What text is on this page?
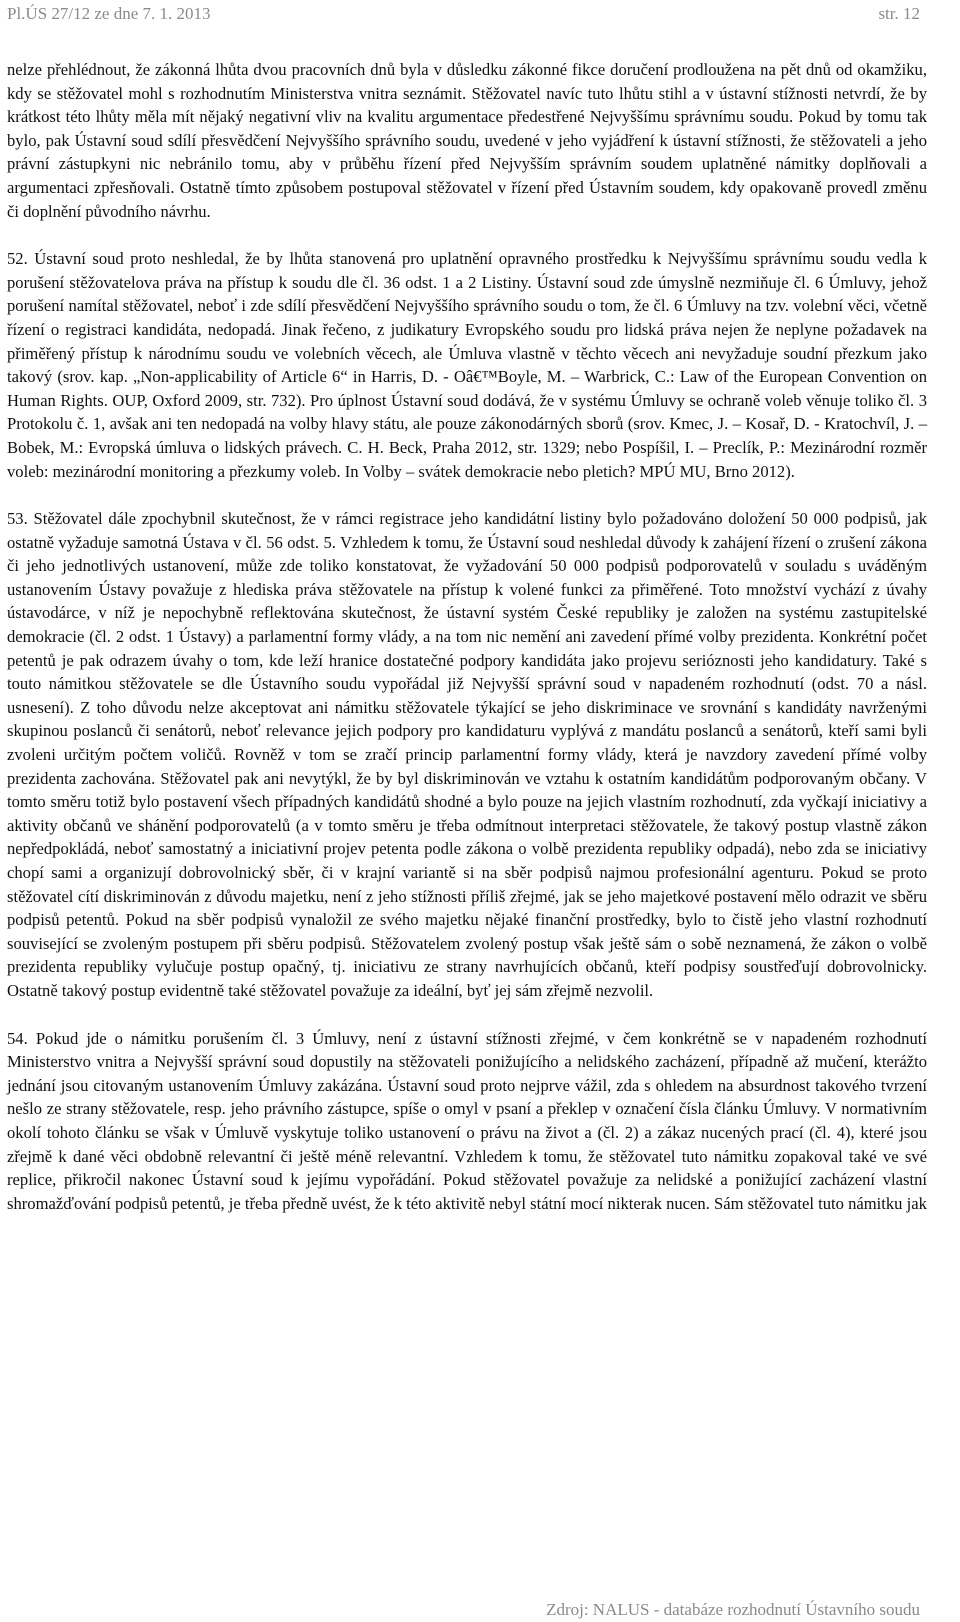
Pl.ÚS 27/12 ze dne 7. 1. 2013	str. 12

nelze přehlédnout, že zákonná lhůta dvou pracovních dnů byla v důsledku zákonné fikce doručení prodloužena na pět dnů od okamžiku, kdy se stěžovatel mohl s rozhodnutím Ministerstva vnitra seznámit. Stěžovatel navíc tuto lhůtu stihl a v ústavní stížnosti netvrdí, že by krátkost této lhůty měla mít nějaký negativní vliv na kvalitu argumentace předestřené Nejvyššímu správnímu soudu. Pokud by tomu tak bylo, pak Ústavní soud sdílí přesvědčení Nejvyššího správního soudu, uvedené v jeho vyjádření k ústavní stížnosti, že stěžovateli a jeho právní zástupkyni nic nebránilo tomu, aby v průběhu řízení před Nejvyšším správním soudem uplatněné námitky doplňovali a argumentaci zpřesňovali. Ostatně tímto způsobem postupoval stěžovatel v řízení před Ústavním soudem, kdy opakovaně provedl změnu či doplnění původního návrhu.

52. Ústavní soud proto neshledal, že by lhůta stanovená pro uplatnění opravného prostředku k Nejvyššímu správnímu soudu vedla k porušení stěžovatelova práva na přístup k soudu dle čl. 36 odst. 1 a 2 Listiny. Ústavní soud zde úmyslně nezmiňuje čl. 6 Úmluvy, jehož porušení namítal stěžovatel, neboť i zde sdílí přesvědčení Nejvyššího správního soudu o tom, že čl. 6 Úmluvy na tzv. volební věci, včetně řízení o registraci kandidáta, nedopadá. Jinak řečeno, z judikatury Evropského soudu pro lidská práva nejen že neplyne požadavek na přiměřený přístup k národnímu soudu ve volebních věcech, ale Úmluva vlastně v těchto věcech ani nevyžaduje soudní přezkum jako takový (srov. kap. „Non-applicability of Article 6“ in Harris, D. - Oâ€™Boyle, M. – Warbrick, C.: Law of the European Convention on Human Rights. OUP, Oxford 2009, str. 732). Pro úplnost Ústavní soud dodává, že v systému Úmluvy se ochraně voleb věnuje toliko čl. 3 Protokolu č. 1, avšak ani ten nedopadá na volby hlavy státu, ale pouze zákonodárných sborů (srov. Kmec, J. – Kosař, D. - Kratochvíl, J. – Bobek, M.: Evropská úmluva o lidských právech. C. H. Beck, Praha 2012, str. 1329; nebo Pospíšil, I. – Preclík, P.: Mezinárodní rozměr voleb: mezinárodní monitoring a přezkumy voleb. In Volby – svátek demokracie nebo pletich? MPÚ MU, Brno 2012).

53. Stěžovatel dále zpochybnil skutečnost, že v rámci registrace jeho kandidátní listiny bylo požadováno doložení 50 000 podpisů, jak ostatně vyžaduje samotná Ústava v čl. 56 odst. 5. Vzhledem k tomu, že Ústavní soud neshledal důvody k zahájení řízení o zrušení zákona či jeho jednotlivých ustanovení, může zde toliko konstatovat, že vyžadování 50 000 podpisů podporovatelů v souladu s uváděným ustanovením Ústavy považuje z hlediska práva stěžovatele na přístup k volené funkci za přiměřené. Toto množství vychází z úvahy ústavodárce, v níž je nepochybně reflektována skutečnost, že ústavní systém České republiky je založen na systému zastupitelské demokracie (čl. 2 odst. 1 Ústavy) a parlamentní formy vlády, a na tom nic nemění ani zavedení přímé volby prezidenta. Konkrétní počet petentů je pak odrazem úvahy o tom, kde leží hranice dostatečné podpory kandidáta jako projevu serióznosti jeho kandidatury. Také s touto námitkou stěžovatele se dle Ústavního soudu vypořádal již Nejvyšší správní soud v napadeném rozhodnutí (odst. 70 a násl. usnesení). Z toho důvodu nelze akceptovat ani námitku stěžovatele týkající se jeho diskriminace ve srovnání s kandidáty navrženými skupinou poslanců či senátorů, neboť relevance jejich podpory pro kandidaturu vyplývá z mandátu poslanců a senátorů, kteří sami byli zvoleni určitým počtem voličů. Rovněž v tom se zračí princip parlamentní formy vlády, která je navzdory zavedení přímé volby prezidenta zachována. Stěžovatel pak ani nevytýkl, že by byl diskriminován ve vztahu k ostatním kandidátům podporovaným občany. V tomto směru totiž bylo postavení všech případných kandidátů shodné a bylo pouze na jejich vlastním rozhodnutí, zda vyčkají iniciativy a aktivity občanů ve shánění podporovatelů (a v tomto směru je třeba odmítnout interpretaci stěžovatele, že takový postup vlastně zákon nepředpokládá, neboť samostatný a iniciativní projev petenta podle zákona o volbě prezidenta republiky odpadá), nebo zda se iniciativy chopí sami a organizují dobrovolnický sběr, či v krajní variantě si na sběr podpisů najmou profesionální agenturu. Pokud se proto stěžovatel cítí diskriminován z důvodu majetku, není z jeho stížnosti příliš zřejmé, jak se jeho majetkové postavení mělo odrazit ve sběru podpisů petentů. Pokud na sběr podpisů vynaložil ze svého majetku nějaké finanční prostředky, bylo to čistě jeho vlastní rozhodnutí související se zvoleným postupem při sběru podpisů. Stěžovatelem zvolený postup však ještě sám o sobě neznamená, že zákon o volbě prezidenta republiky vylučuje postup opačný, tj. iniciativu ze strany navrhujících občanů, kteří podpisy soustřeďují dobrovolnicky. Ostatně takový postup evidentně také stěžovatel považuje za ideální, byť jej sám zřejmě nezvolil.

54. Pokud jde o námitku porušením čl. 3 Úmluvy, není z ústavní stížnosti zřejmé, v čem konkrétně se v napadeném rozhodnutí Ministerstvo vnitra a Nejvyšší správní soud dopustily na stěžovateli ponižujícího a nelidského zacházení, případně až mučení, kterážto jednání jsou citovaným ustanovením Úmluvy zakázána. Ústavní soud proto nejprve vážil, zda s ohledem na absurdnost takového tvrzení nešlo ze strany stěžovatele, resp. jeho právního zástupce, spíše o omyl v psaní a překlep v označení čísla článku Úmluvy. V normativním okolí tohoto článku se však v Úmluvě vyskytuje toliko ustanovení o právu na život a (čl. 2) a zákaz nucených prací (čl. 4), které jsou zřejmě k dané věci obdobně relevantní či ještě méně relevantní. Vzhledem k tomu, že stěžovatel tuto námitku zopakoval také ve své replice, přikročil nakonec Ústavní soud k jejímu vypořádání. Pokud stěžovatel považuje za nelidské a ponižující zacházení vlastní shromažďování podpisů petentů, je třeba předně uvést, že k této aktivitě nebyl státní mocí nikterak nucen. Sám stěžovatel tuto námitku jak

Zdroj: NALUS - databáze rozhodnutí Ústavního soudu
